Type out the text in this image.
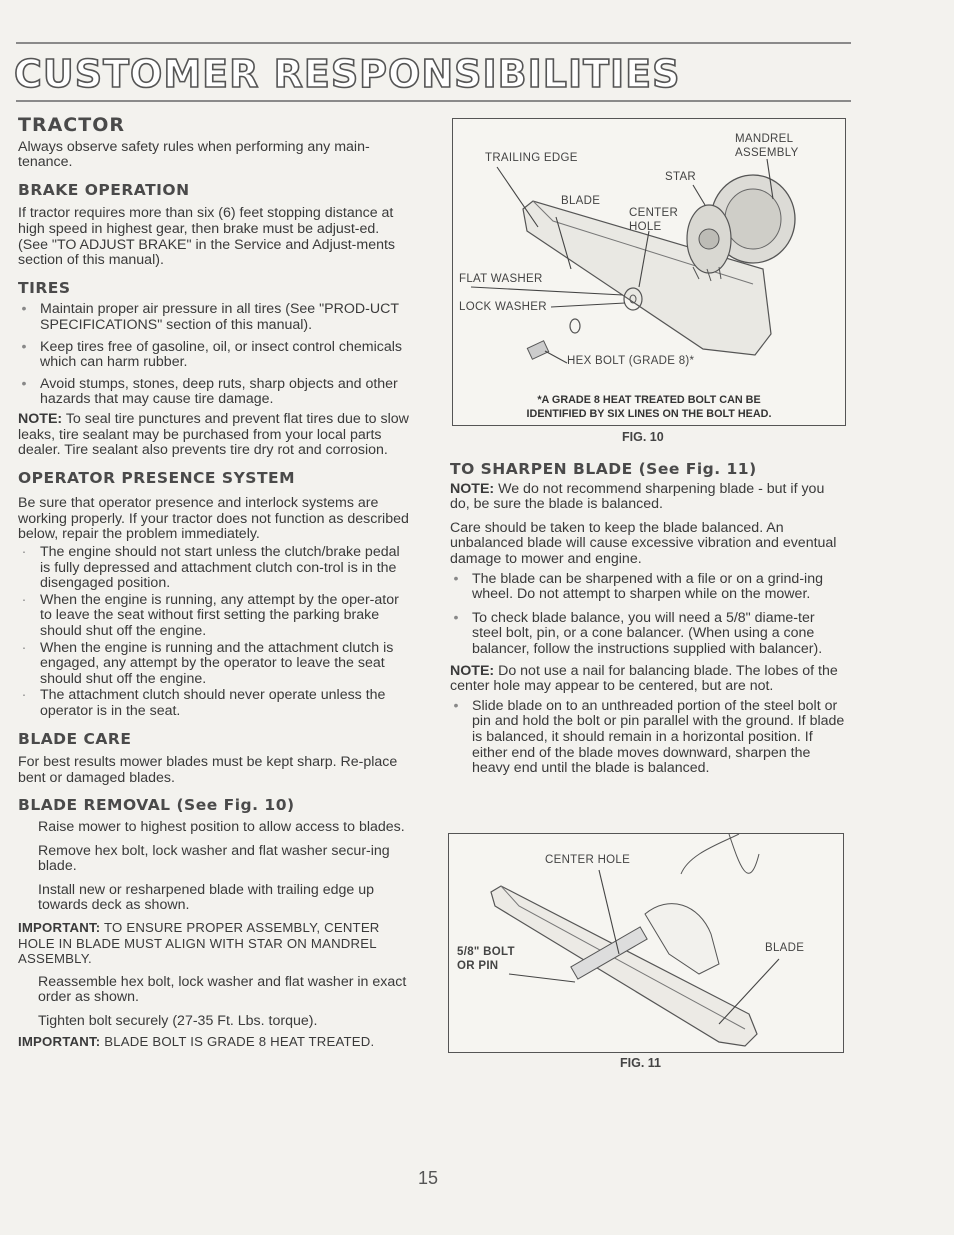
CUSTOMER RESPONSIBILITIES
TRACTOR

Always observe safety rules when performing any main-tenance.

BRAKE OPERATION

If tractor requires more than six (6) feet stopping distance at high speed in highest gear, then brake must be adjust-ed. (See "TO ADJUST BRAKE" in the Service and Adjust-ments section of this manual).

TIRES
• Maintain proper air pressure in all tires (See "PROD-UCT SPECIFICATIONS" section of this manual).
• Keep tires free of gasoline, oil, or insect control chemicals which can harm rubber.
• Avoid stumps, stones, deep ruts, sharp objects and other hazards that may cause tire damage.

NOTE: To seal tire punctures and prevent flat tires due to slow leaks, tire sealant may be purchased from your local parts dealer. Tire sealant also prevents tire dry rot and corrosion.

OPERATOR PRESENCE SYSTEM

Be sure that operator presence and interlock systems are working properly. If your tractor does not function as described below, repair the problem immediately.

· The engine should not start unless the clutch/brake pedal is fully depressed and attachment clutch con-trol is in the disengaged position.
· When the engine is running, any attempt by the oper-ator to leave the seat without first setting the parking brake should shut off the engine.
· When the engine is running and the attachment clutch is engaged, any attempt by the operator to leave the seat should shut off the engine.
· The attachment clutch should never operate unless the operator is in the seat.
BLADE CARE

For best results mower blades must be kept sharp. Re-place bent or damaged blades.

BLADE REMOVAL (See Fig. 10)

Raise mower to highest position to allow access to blades.

Remove hex bolt, lock washer and flat washer secur-ing blade.

Install new or resharpened blade with trailing edge up towards deck as shown.

IMPORTANT: TO ENSURE PROPER ASSEMBLY, CENTER HOLE IN BLADE MUST ALIGN WITH STAR ON MANDREL ASSEMBLY.

Reassemble hex bolt, lock washer and flat washer in exact order as shown.

Tighten bolt securely (27-35 Ft. Lbs. torque).

IMPORTANT: BLADE BOLT IS GRADE 8 HEAT TREATED.

MANDREL
ASSEMBLY
TRAILING EDGE
STAR
BLADE
CENTER
HOLE
FLAT WASHER
LOCK WASHER
HEX BOLT (GRADE 8)*
*A GRADE 8 HEAT TREATED BOLT CAN BE
IDENTIFIED BY SIX LINES ON THE BOLT HEAD.
FIG. 10
TO SHARPEN BLADE (See Fig. 11)

NOTE: We do not recommend sharpening blade - but if you do, be sure the blade is balanced.

Care should be taken to keep the blade balanced. An unbalanced blade will cause excessive vibration and eventual damage to mower and engine.

• The blade can be sharpened with a file or on a grind-ing wheel. Do not attempt to sharpen while on the mower.
• To check blade balance, you will need a 5/8" diame-ter steel bolt, pin, or a cone balancer. (When using a cone balancer, follow the instructions supplied with balancer).

NOTE: Do not use a nail for balancing blade. The lobes of the center hole may appear to be centered, but are not.

• Slide blade on to an unthreaded portion of the steel bolt or pin and hold the bolt or pin parallel with the ground. If blade is balanced, it should remain in a horizontal position. If either end of the blade moves downward, sharpen the heavy end until the blade is balanced.
CENTER HOLE
5/8" BOLT
OR PIN
BLADE
FIG. 11
15
